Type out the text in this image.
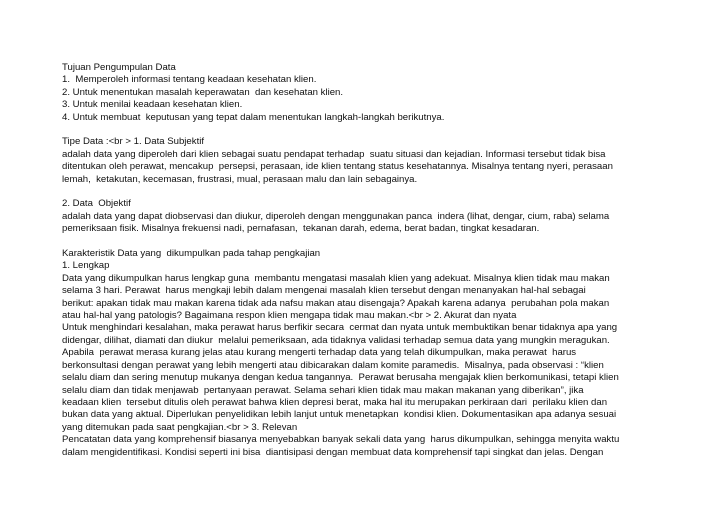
Tujuan Pengumpulan Data
1.  Memperoleh informasi tentang keadaan kesehatan klien.
2. Untuk menentukan masalah keperawatan  dan kesehatan klien.
3. Untuk menilai keadaan kesehatan klien.
4. Untuk membuat  keputusan yang tepat dalam menentukan langkah-langkah berikutnya.
Tipe Data :<br > 1. Data Subjektif
adalah data yang diperoleh dari klien sebagai suatu pendapat terhadap  suatu situasi dan kejadian. Informasi tersebut tidak bisa
ditentukan oleh perawat, mencakup  persepsi, perasaan, ide klien tentang status kesehatannya. Misalnya tentang nyeri, perasaan
lemah,  ketakutan, kecemasan, frustrasi, mual, perasaan malu dan lain sebagainya.
2. Data  Objektif
adalah data yang dapat diobservasi dan diukur, diperoleh dengan menggunakan panca  indera (lihat, dengar, cium, raba) selama
pemeriksaan fisik. Misalnya frekuensi nadi, pernafasan,  tekanan darah, edema, berat badan, tingkat kesadaran.
Karakteristik Data yang  dikumpulkan pada tahap pengkajian
1. Lengkap
Data yang dikumpulkan harus lengkap guna  membantu mengatasi masalah klien yang adekuat. Misalnya klien tidak mau makan
selama 3 hari. Perawat  harus mengkaji lebih dalam mengenai masalah klien tersebut dengan menanyakan hal-hal sebagai
berikut: apakan tidak mau makan karena tidak ada nafsu makan atau disengaja? Apakah karena adanya  perubahan pola makan
atau hal-hal yang patologis? Bagaimana respon klien mengapa tidak mau makan.<br > 2. Akurat dan nyata
Untuk menghindari kesalahan, maka perawat harus berfikir secara  cermat dan nyata untuk membuktikan benar tidaknya apa yang
didengar, dilihat, diamati dan diukur  melalui pemeriksaan, ada tidaknya validasi terhadap semua data yang mungkin meragukan.
Apabila  perawat merasa kurang jelas atau kurang mengerti terhadap data yang telah dikumpulkan, maka perawat  harus
berkonsultasi dengan perawat yang lebih mengerti atau dibicarakan dalam komite paramedis.  Misalnya, pada observasi : “klien
selalu diam dan sering menutup mukanya dengan kedua tangannya.  Perawat berusaha mengajak klien berkomunikasi, tetapi klien
selalu diam dan tidak menjawab  pertanyaan perawat. Selama sehari klien tidak mau makan makanan yang diberikan”, jika
keadaan klien  tersebut ditulis oleh perawat bahwa klien depresi berat, maka hal itu merupakan perkiraan dari  perilaku klien dan
bukan data yang aktual. Diperlukan penyelidikan lebih lanjut untuk menetapkan  kondisi klien. Dokumentasikan apa adanya sesuai
yang ditemukan pada saat pengkajian.<br > 3. Relevan
Pencatatan data yang komprehensif biasanya menyebabkan banyak sekali data yang  harus dikumpulkan, sehingga menyita waktu
dalam mengidentifikasi. Kondisi seperti ini bisa  diantisipasi dengan membuat data komprehensif tapi singkat dan jelas. Dengan
